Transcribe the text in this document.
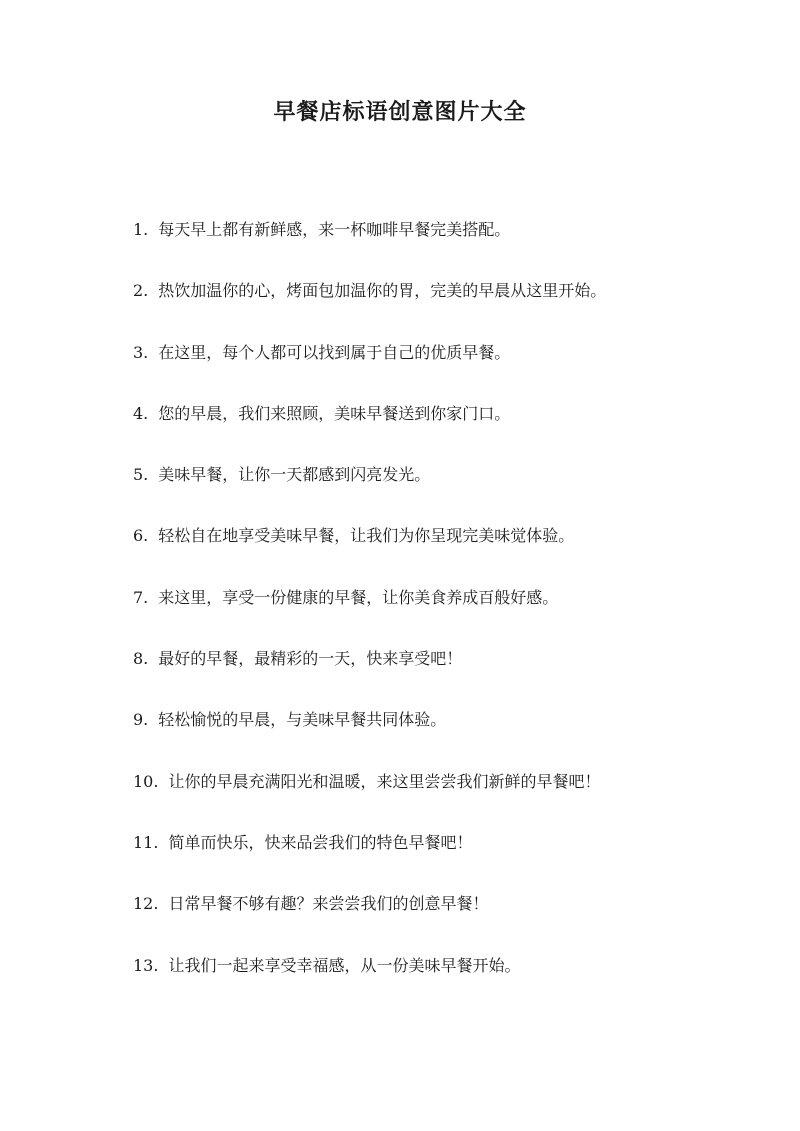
早餐店标语创意图片大全
1. 每天早上都有新鲜感，来一杯咖啡早餐完美搭配。
2. 热饮加温你的心，烤面包加温你的胃，完美的早晨从这里开始。
3. 在这里，每个人都可以找到属于自己的优质早餐。
4. 您的早晨，我们来照顾，美味早餐送到你家门口。
5. 美味早餐，让你一天都感到闪亮发光。
6. 轻松自在地享受美味早餐，让我们为你呈现完美味觉体验。
7. 来这里，享受一份健康的早餐，让你美食养成百般好感。
8. 最好的早餐，最精彩的一天，快来享受吧！
9. 轻松愉悦的早晨，与美味早餐共同体验。
10. 让你的早晨充满阳光和温暖，来这里尝尝我们新鲜的早餐吧！
11. 简单而快乐，快来品尝我们的特色早餐吧！
12. 日常早餐不够有趣？来尝尝我们的创意早餐！
13. 让我们一起来享受幸福感，从一份美味早餐开始。
